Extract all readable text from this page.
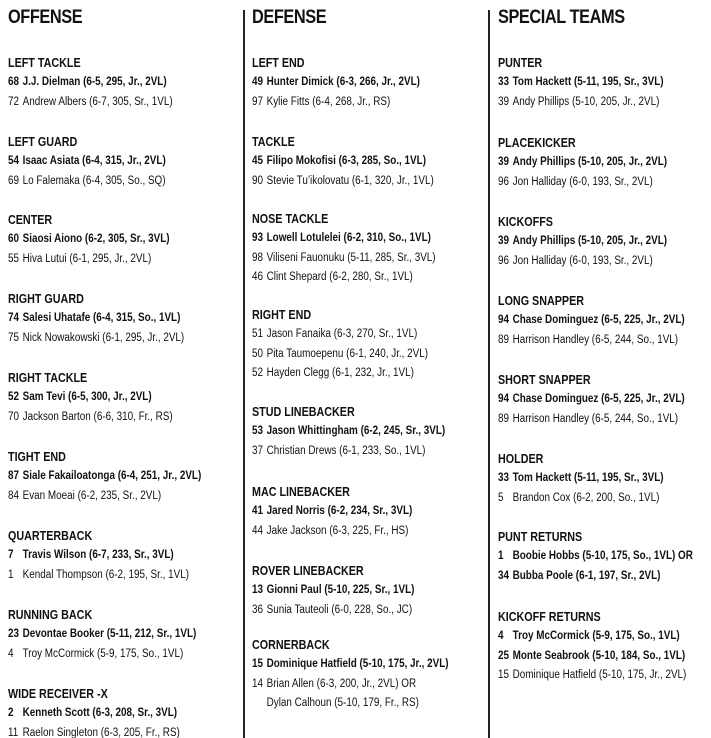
OFFENSE
LEFT TACKLE
68 J.J. Dielman (6-5, 295, Jr., 2VL)
72 Andrew Albers (6-7, 305, Sr., 1VL)
LEFT GUARD
54 Isaac Asiata (6-4, 315, Jr., 2VL)
69 Lo Falemaka (6-4, 305, So., SQ)
CENTER
60 Siaosi Aiono (6-2, 305, Sr., 3VL)
55 Hiva Lutui (6-1, 295, Jr., 2VL)
RIGHT GUARD
74 Salesi Uhatafe (6-4, 315, So., 1VL)
75 Nick Nowakowski (6-1, 295, Jr., 2VL)
RIGHT TACKLE
52 Sam Tevi (6-5, 300, Jr., 2VL)
70 Jackson Barton (6-6, 310, Fr., RS)
TIGHT END
87 Siale Fakailoatonga (6-4, 251, Jr., 2VL)
84 Evan Moeai (6-2, 235, Sr., 2VL)
QUARTERBACK
7 Travis Wilson (6-7, 233, Sr., 3VL)
1 Kendal Thompson (6-2, 195, Sr., 1VL)
RUNNING BACK
23 Devontae Booker (5-11, 212, Sr., 1VL)
4 Troy McCormick (5-9, 175, So., 1VL)
WIDE RECEIVER -X
2 Kenneth Scott (6-3, 208, Sr., 3VL)
11 Raelon Singleton (6-3, 205, Fr., RS)
DEFENSE
LEFT END
49 Hunter Dimick (6-3, 266, Jr., 2VL)
97 Kylie Fitts (6-4, 268, Jr., RS)
TACKLE
45 Filipo Mokofisi (6-3, 285, So., 1VL)
90 Stevie Tu’ikolovatu (6-1, 320, Jr., 1VL)
NOSE TACKLE
93 Lowell Lotulelei (6-2, 310, So., 1VL)
98 Viliseni Fauonuku (5-11, 285, Sr., 3VL)
46 Clint Shepard (6-2, 280, Sr., 1VL)
RIGHT END
51 Jason Fanaika (6-3, 270, Sr., 1VL)
50 Pita Taumoepenu (6-1, 240, Jr., 2VL)
52 Hayden Clegg (6-1, 232, Jr., 1VL)
STUD LINEBACKER
53 Jason Whittingham (6-2, 245, Sr., 3VL)
37 Christian Drews (6-1, 233, So., 1VL)
MAC LINEBACKER
41 Jared Norris (6-2, 234, Sr., 3VL)
44 Jake Jackson (6-3, 225, Fr., HS)
ROVER LINEBACKER
13 Gionni Paul (5-10, 225, Sr., 1VL)
36 Sunia Tauteoli (6-0, 228, So., JC)
CORNERBACK
15 Dominique Hatfield (5-10, 175, Jr., 2VL)
14 Brian Allen (6-3, 200, Jr., 2VL) OR
Dylan Calhoun (5-10, 179, Fr., RS)
SPECIAL TEAMS
PUNTER
33 Tom Hackett (5-11, 195, Sr., 3VL)
39 Andy Phillips (5-10, 205, Jr., 2VL)
PLACEKICKER
39 Andy Phillips (5-10, 205, Jr., 2VL)
96 Jon Halliday (6-0, 193, Sr., 2VL)
KICKOFFS
39 Andy Phillips (5-10, 205, Jr., 2VL)
96 Jon Halliday (6-0, 193, Sr., 2VL)
LONG SNAPPER
94 Chase Dominguez (6-5, 225, Jr., 2VL)
89 Harrison Handley (6-5, 244, So., 1VL)
SHORT SNAPPER
94 Chase Dominguez (6-5, 225, Jr., 2VL)
89 Harrison Handley (6-5, 244, So., 1VL)
HOLDER
33 Tom Hackett (5-11, 195, Sr., 3VL)
5 Brandon Cox (6-2, 200, So., 1VL)
PUNT RETURNS
1 Boobie Hobbs (5-10, 175, So., 1VL) OR
34 Bubba Poole (6-1, 197, Sr., 2VL)
KICKOFF RETURNS
4 Troy McCormick (5-9, 175, So., 1VL)
25 Monte Seabrook (5-10, 184, So., 1VL)
15 Dominique Hatfield (5-10, 175, Jr., 2VL)
